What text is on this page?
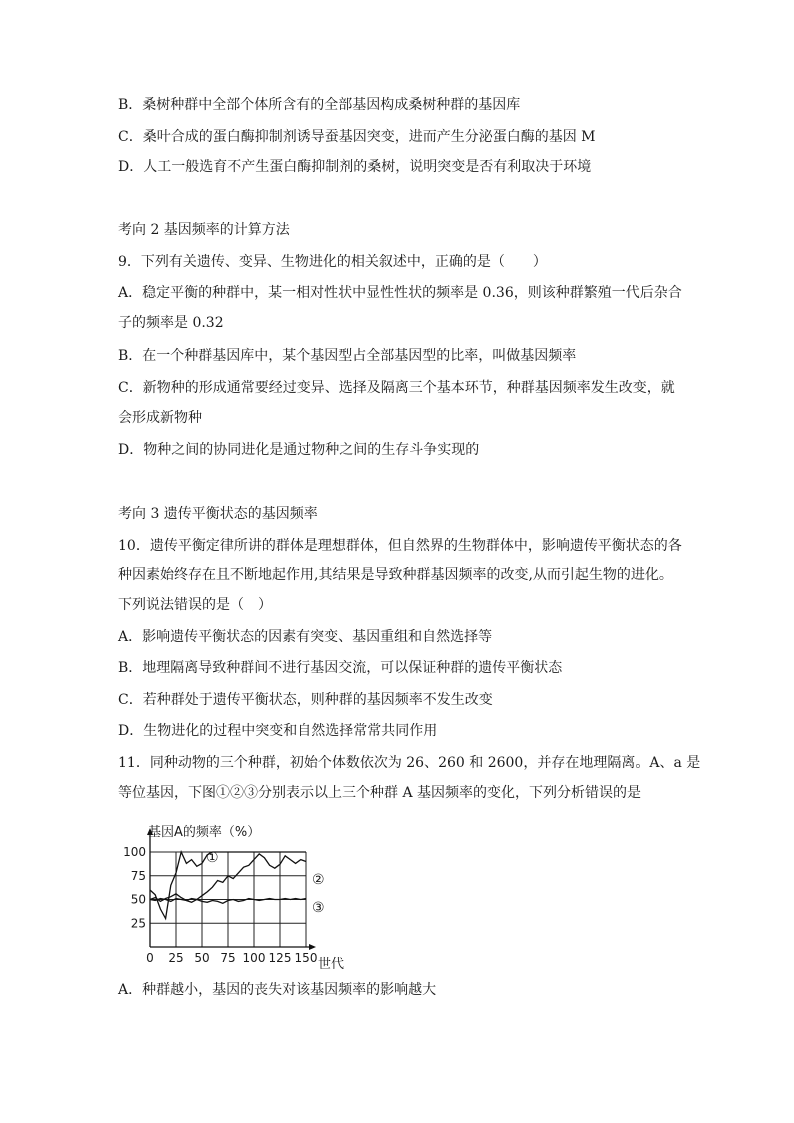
B．桑树种群中全部个体所含有的全部基因构成桑树种群的基因库
C．桑叶合成的蛋白酶抑制剂诱导蚕基因突变，进而产生分泌蛋白酶的基因 M
D．人工一般选育不产生蛋白酶抑制剂的桑树，说明突变是否有利取决于环境
考向 2 基因频率的计算方法
9．下列有关遗传、变异、生物进化的相关叙述中，正确的是（　　）
A．稳定平衡的种群中，某一相对性状中显性性状的频率是 0.36，则该种群繁殖一代后杂合
子的频率是 0.32
B．在一个种群基因库中，某个基因型占全部基因型的比率，叫做基因频率
C．新物种的形成通常要经过变异、选择及隔离三个基本环节，种群基因频率发生改变，就
会形成新物种
D．物种之间的协同进化是通过物种之间的生存斗争实现的
考向 3 遗传平衡状态的基因频率
10．遗传平衡定律所讲的群体是理想群体，但自然界的生物群体中，影响遗传平衡状态的各
种因素始终存在且不断地起作用,其结果是导致种群基因频率的改变,从而引起生物的进化。
下列说法错误的是（　）
A．影响遗传平衡状态的因素有突变、基因重组和自然选择等
B．地理隔离导致种群间不进行基因交流，可以保证种群的遗传平衡状态
C．若种群处于遗传平衡状态，则种群的基因频率不发生改变
D．生物进化的过程中突变和自然选择常常共同作用
11．同种动物的三个种群，初始个体数依次为 26、260 和 2600，并存在地理隔离。A、a 是
等位基因，下图①②③分别表示以上三个种群 A 基因频率的变化，下列分析错误的是
A．种群越小，基因的丧失对该基因频率的影响越大
0 25 50 75 100 125 150
25
50
75
100	①
②
③
基因A的频率（%）
世代
